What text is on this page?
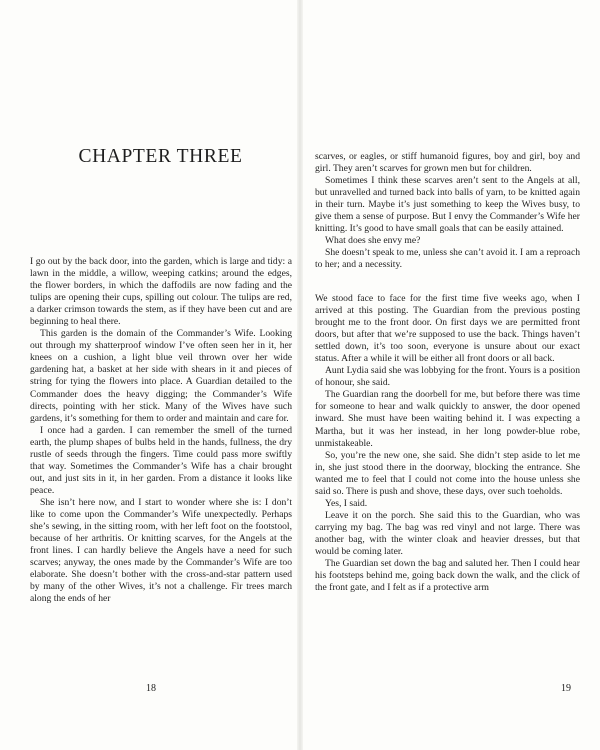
CHAPTER THREE

I go out by the back door, into the garden, which is large and tidy: a lawn in the middle, a willow, weeping catkins; around the edges, the flower borders, in which the daffodils are now fading and the tulips are opening their cups, spilling out colour. The tulips are red, a darker crimson towards the stem, as if they have been cut and are beginning to heal there.

This garden is the domain of the Commander’s Wife. Looking out through my shatterproof window I’ve often seen her in it, her knees on a cushion, a light blue veil thrown over her wide gardening hat, a basket at her side with shears in it and pieces of string for tying the flowers into place. A Guardian detailed to the Commander does the heavy digging; the Commander’s Wife directs, pointing with her stick. Many of the Wives have such gardens, it’s something for them to order and maintain and care for.

I once had a garden. I can remember the smell of the turned earth, the plump shapes of bulbs held in the hands, fullness, the dry rustle of seeds through the fingers. Time could pass more swiftly that way. Sometimes the Commander’s Wife has a chair brought out, and just sits in it, in her garden. From a distance it looks like peace.

She isn’t here now, and I start to wonder where she is: I don’t like to come upon the Commander’s Wife unexpectedly. Perhaps she’s sewing, in the sitting room, with her left foot on the footstool, because of her arthritis. Or knitting scarves, for the Angels at the front lines. I can hardly believe the Angels have a need for such scarves; anyway, the ones made by the Commander’s Wife are too elaborate. She doesn’t bother with the cross-and-star pattern used by many of the other Wives, it’s not a challenge. Fir trees march along the ends of her

18

scarves, or eagles, or stiff humanoid figures, boy and girl, boy and girl. They aren’t scarves for grown men but for children.

Sometimes I think these scarves aren’t sent to the Angels at all, but unravelled and turned back into balls of yarn, to be knitted again in their turn. Maybe it’s just something to keep the Wives busy, to give them a sense of purpose. But I envy the Commander’s Wife her knitting. It’s good to have small goals that can be easily attained.

What does she envy me?

She doesn’t speak to me, unless she can’t avoid it. I am a reproach to her; and a necessity.

We stood face to face for the first time five weeks ago, when I arrived at this posting. The Guardian from the previous posting brought me to the front door. On first days we are permitted front doors, but after that we’re supposed to use the back. Things haven’t settled down, it’s too soon, everyone is unsure about our exact status. After a while it will be either all front doors or all back.

Aunt Lydia said she was lobbying for the front. Yours is a position of honour, she said.

The Guardian rang the doorbell for me, but before there was time for someone to hear and walk quickly to answer, the door opened inward. She must have been waiting behind it. I was expecting a Martha, but it was her instead, in her long powder-blue robe, unmistakeable.

So, you’re the new one, she said. She didn’t step aside to let me in, she just stood there in the doorway, blocking the entrance. She wanted me to feel that I could not come into the house unless she said so. There is push and shove, these days, over such toeholds.

Yes, I said.

Leave it on the porch. She said this to the Guardian, who was carrying my bag. The bag was red vinyl and not large. There was another bag, with the winter cloak and heavier dresses, but that would be coming later.

The Guardian set down the bag and saluted her. Then I could hear his footsteps behind me, going back down the walk, and the click of the front gate, and I felt as if a protective arm

19
